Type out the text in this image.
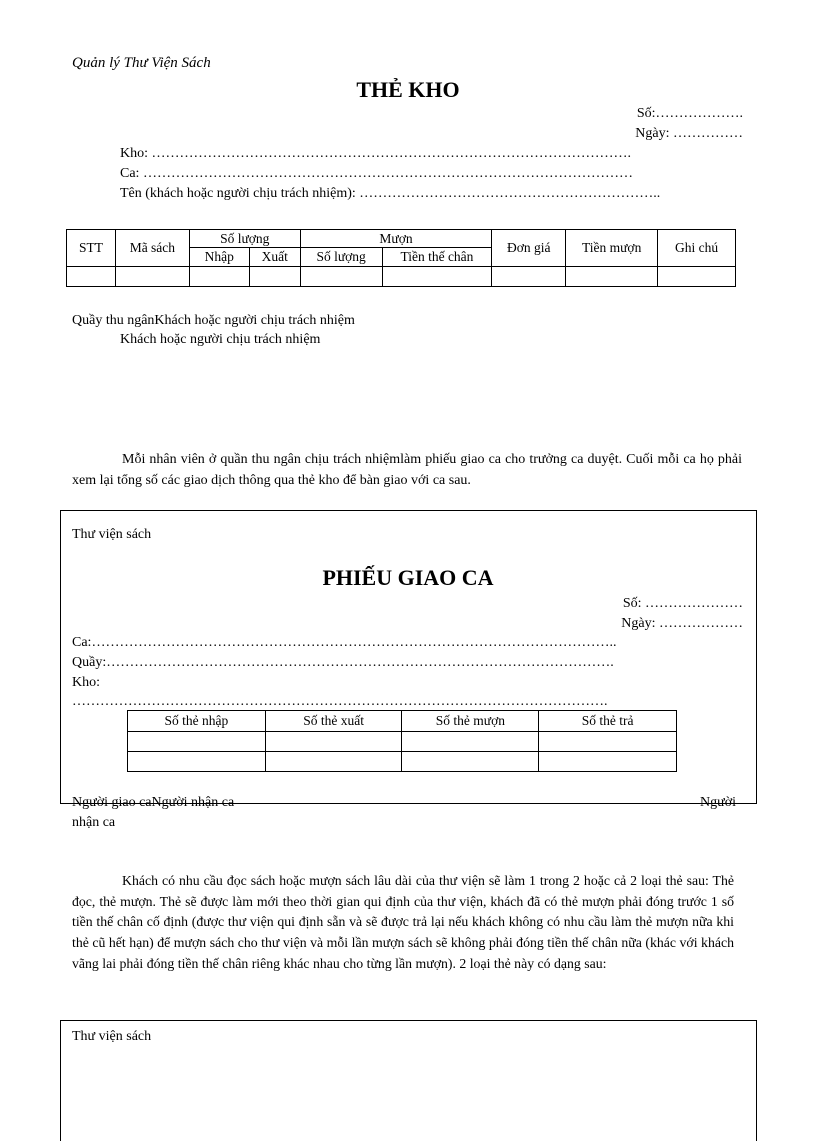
Quản lý Thư Viện Sách
THẺ KHO
Số:……………….
Ngày: ……………
Kho: ………………………………………………………………………………………….
Ca: ……………………………………………………………………………………………
Tên (khách hoặc người chịu trách nhiệm): ………………………………………………………..
STT	Mã sách	Số lượng		Mượn		Đơn giá	Tiền mượn	Ghi chú
		Nhập	Xuất	Số lượng	Tiền thế chân			

Quầy thu ngânKhách hoặc người chịu trách nhiệm
Khách hoặc người chịu trách nhiệm
Mỗi nhân viên ở quần thu ngân chịu trách nhiệmlàm phiếu giao ca cho trưởng ca duyệt. Cuối mỗi ca họ phải xem lại tổng số các giao dịch thông qua thẻ kho để bàn giao với ca sau.
Thư viện sách
PHIẾU GIAO CA
Số: …………………
Ngày: ………………
Ca:…………………………………………………………………………………………………..
Quầy:……………………………………………………………………………………………….
Kho:
…………………………………………………………………………………………………….
Số thẻ nhập	Số thẻ xuất	Số thẻ mượn	Số thẻ trả

Người giao caNgười nhận ca	Người
nhận ca
Khách có nhu cầu đọc sách hoặc mượn sách lâu dài của thư viện sẽ làm 1 trong 2 hoặc cả 2 loại thẻ sau: Thẻ đọc, thẻ mượn. Thẻ sẽ được làm mới theo thời gian qui định của thư viện, khách đã có thẻ mượn phải đóng trước 1 số tiền thế chân cố định (được thư viện qui định sẵn và sẽ được trả lại nếu khách không có nhu cầu làm thẻ mượn nữa khi thẻ cũ hết hạn) để mượn sách cho thư viện và mỗi lần mượn sách sẽ không phải đóng tiền thế chân nữa (khác với khách vãng lai phải đóng tiền thế chân riêng khác nhau cho từng lần mượn). 2 loại thẻ này có dạng sau:
Thư viện sách
